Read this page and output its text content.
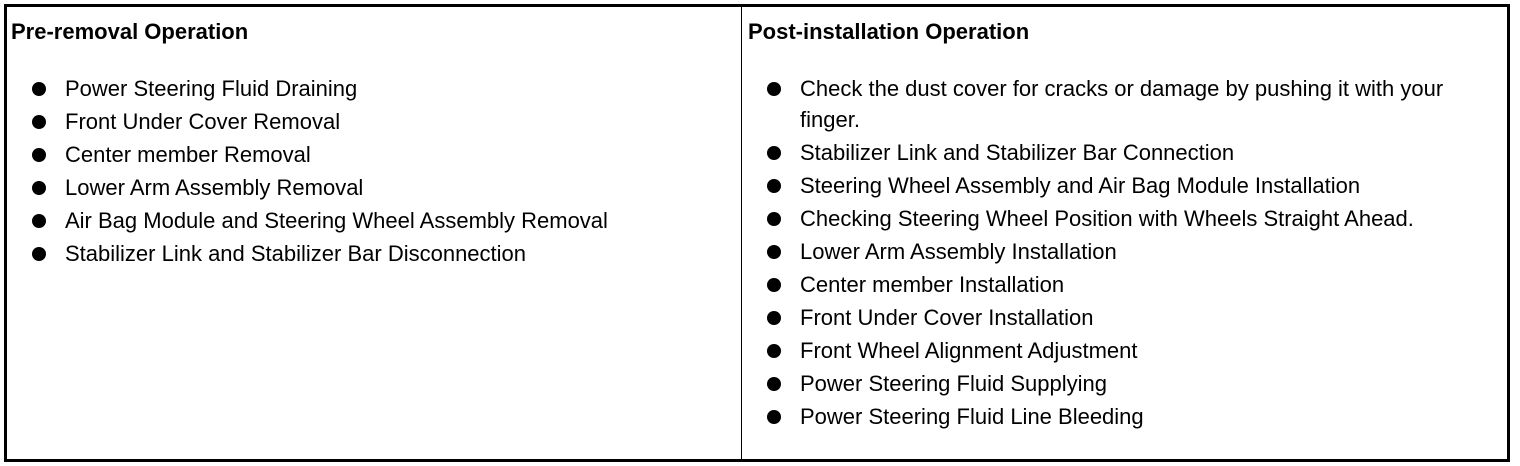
Pre-removal Operation
Power Steering Fluid Draining
Front Under Cover Removal
Center member Removal
Lower Arm Assembly Removal
Air Bag Module and Steering Wheel Assembly Removal
Stabilizer Link and Stabilizer Bar Disconnection
Post-installation Operation
Check the dust cover for cracks or damage by pushing it with your finger.
Stabilizer Link and Stabilizer Bar Connection
Steering Wheel Assembly and Air Bag Module Installation
Checking Steering Wheel Position with Wheels Straight Ahead.
Lower Arm Assembly Installation
Center member Installation
Front Under Cover Installation
Front Wheel Alignment Adjustment
Power Steering Fluid Supplying
Power Steering Fluid Line Bleeding
